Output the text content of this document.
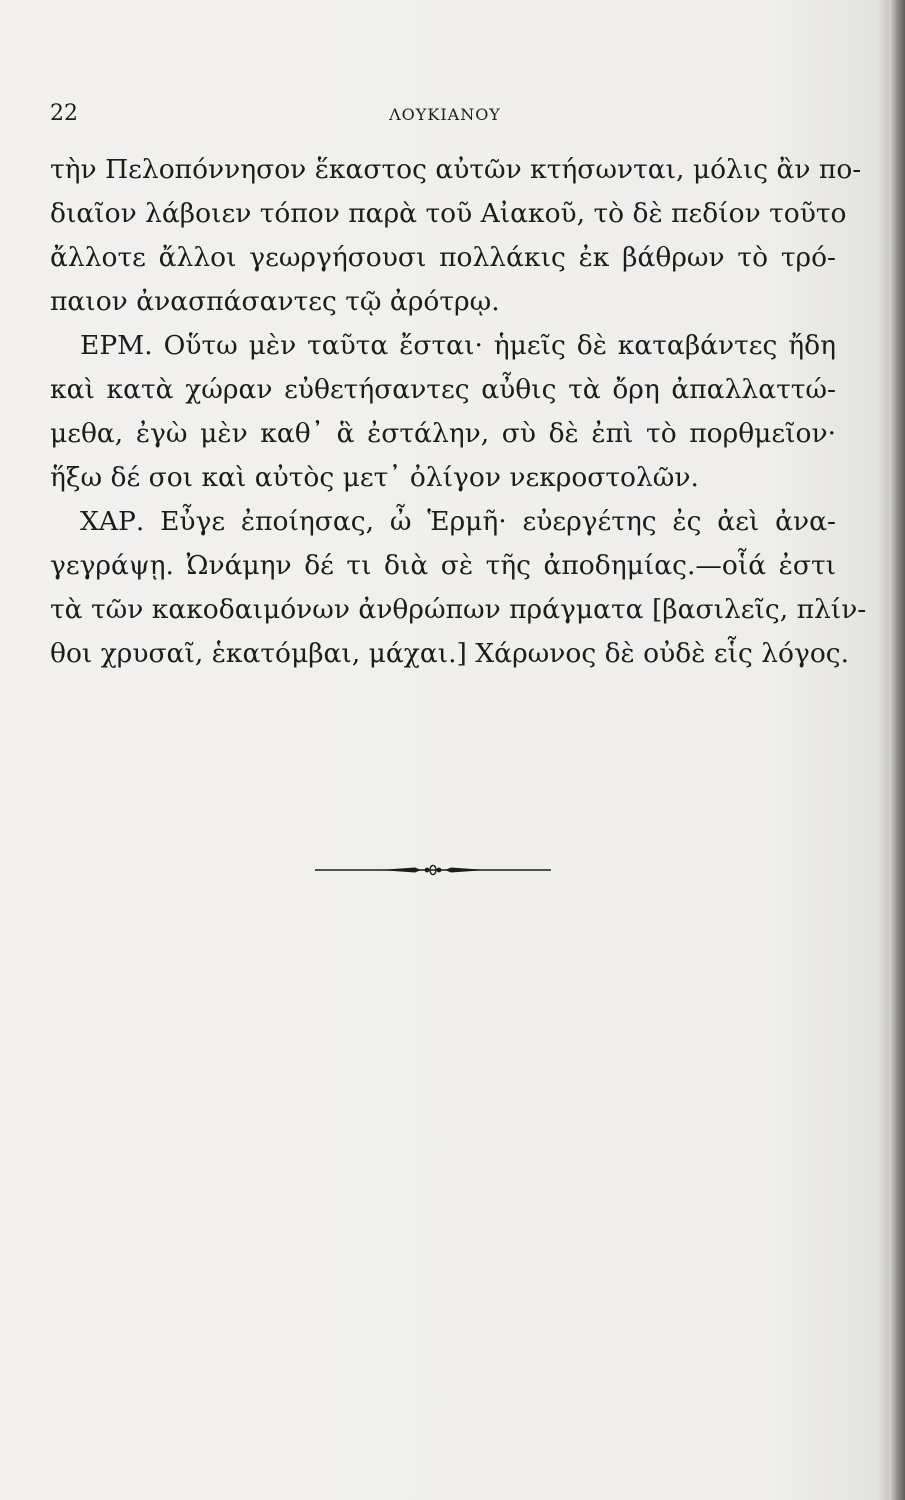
22	ΛΟΥΚΙΑΝΟΥ
τὴν Πελοπόννησον ἕκαστος αὐτῶν κτήσωνται, μόλις ἂν πο-
διαῖον λάβοιεν τόπον παρὰ τοῦ Αἰακοῦ, τὸ δὲ πεδίον τοῦτο
ἄλλοτε ἄλλοι γεωργήσουσι πολλάκις ἐκ βάθρων τὸ τρό-
παιον ἀνασπάσαντες τῷ ἀρότρῳ.
ΕΡΜ. Οὕτω μὲν ταῦτα ἔσται· ἡμεῖς δὲ καταβάντες ἤδη
καὶ κατὰ χώραν εὐθετήσαντες αὖθις τὰ ὄρη ἀπαλλαττώ-
μεθα, ἐγὼ μὲν καθ᾽ ἃ ἐστάλην, σὺ δὲ ἐπὶ τὸ πορθμεῖον·
ἥξω δέ σοι καὶ αὐτὸς μετ᾽ ὀλίγον νεκροστολῶν.
ΧΑΡ. Εὖγε ἐποίησας, ὦ Ἑρμῆ· εὐεργέτης ἐς ἀεὶ ἀνα-
γεγράψῃ. Ὠνάμην δέ τι διὰ σὲ τῆς ἀποδημίας.—οἷά ἐστι
τὰ τῶν κακοδαιμόνων ἀνθρώπων πράγματα [βασιλεῖς, πλίν-
θοι χρυσαῖ, ἑκατόμβαι, μάχαι.] Χάρωνος δὲ οὐδὲ εἷς λόγος.
